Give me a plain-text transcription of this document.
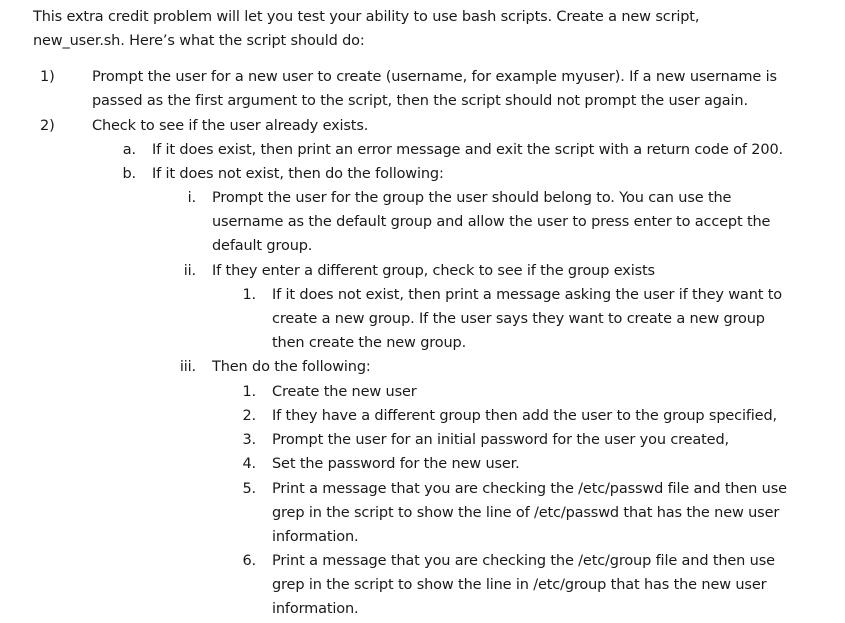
This extra credit problem will let you test your ability to use bash scripts. Create a new script,
new_user.sh. Here’s what the script should do:
1)	Prompt the user for a new user to create (username, for example myuser). If a new username is
passed as the first argument to the script, then the script should not prompt the user again.
2)	Check to see if the user already exists.
a. If it does exist, then print an error message and exit the script with a return code of 200.
b. If it does not exist, then do the following:
i. Prompt the user for the group the user should belong to. You can use the
username as the default group and allow the user to press enter to accept the
default group.
ii. If they enter a different group, check to see if the group exists
1. If it does not exist, then print a message asking the user if they want to
create a new group. If the user says they want to create a new group
then create the new group.
iii. Then do the following:
1. Create the new user
2. If they have a different group then add the user to the group specified,
3. Prompt the user for an initial password for the user you created,
4. Set the password for the new user.
5. Print a message that you are checking the /etc/passwd file and then use
grep in the script to show the line of /etc/passwd that has the new user
information.
6. Print a message that you are checking the /etc/group file and then use
grep in the script to show the line in /etc/group that has the new user
information.
